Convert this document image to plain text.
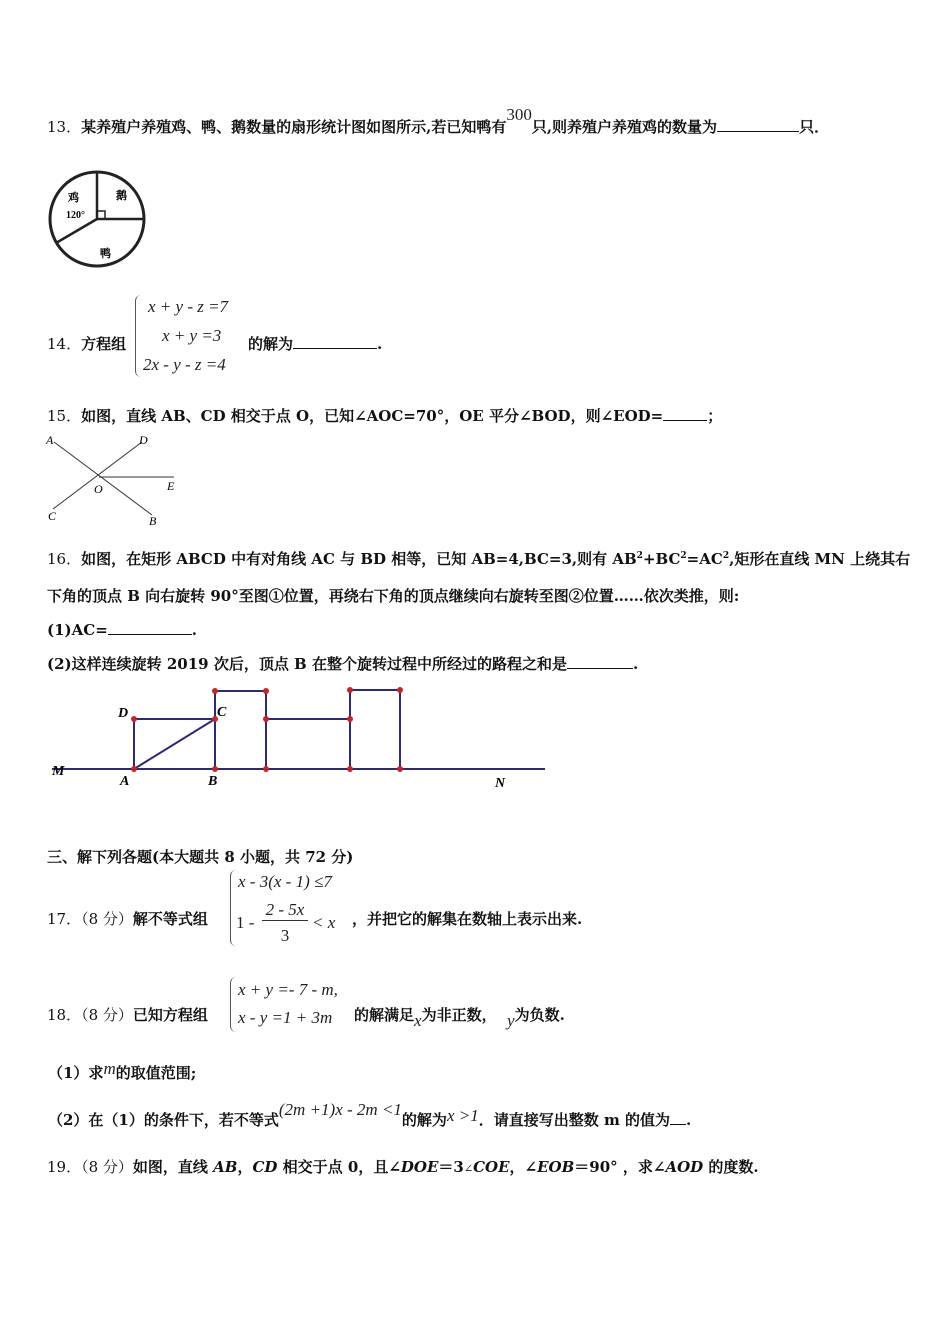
13．某养殖户养殖鸡、鸭、鹅数量的扇形统计图如图所示,若已知鸭有300只,则养殖户养殖鸡的数量为	只．
鸡	鹅
鸭
120°
14．方程组
x + y - z =7
x + y =3
2x - y - z =4
的解为	.
15．如图，直线 AB、CD 相交于点 O，已知∠AOC=70°，OE 平分∠BOD，则∠EOD=	；
A	D
O	E
C	B
16．如图，在矩形 ABCD 中有对角线 AC 与 BD 相等，已知 AB=4,BC=3,则有 $AB^2+BC^2=AC^2$,矩形在直线 MN 上绕其右
下角的顶点 B 向右旋转 90°至图①位置，再绕右下角的顶点继续向右旋转至图②位置……依次类推，则:
(1)AC=	.
(2)这样连续旋转 2019 次后，顶点 B 在整个旋转过程中所经过的路程之和是	.
M
A	B
C
D
N
三、解下列各题(本大题共 8 小题，共 72 分)
17．（8 分）解不等式组
x - 3(x - 1) ≤7
1 -
2 - 5x
3
< x ，并把它的解集在数轴上表示出来.
18．（8 分）已知方程组
x + y =- 7 - m,
x - y =1 + 3m 的解满足x为非正数， y为负数.
（1）求m的取值范围;
（2）在（1）的条件下，若不等式(2m +1)x - 2m <1的解为x >1．请直接写出整数 m 的值为 .
19．（8 分）如图，直线 AB，CD 相交于点 0，且∠DOE＝3∠COE，∠EOB＝90° ，求∠AOD 的度数.
